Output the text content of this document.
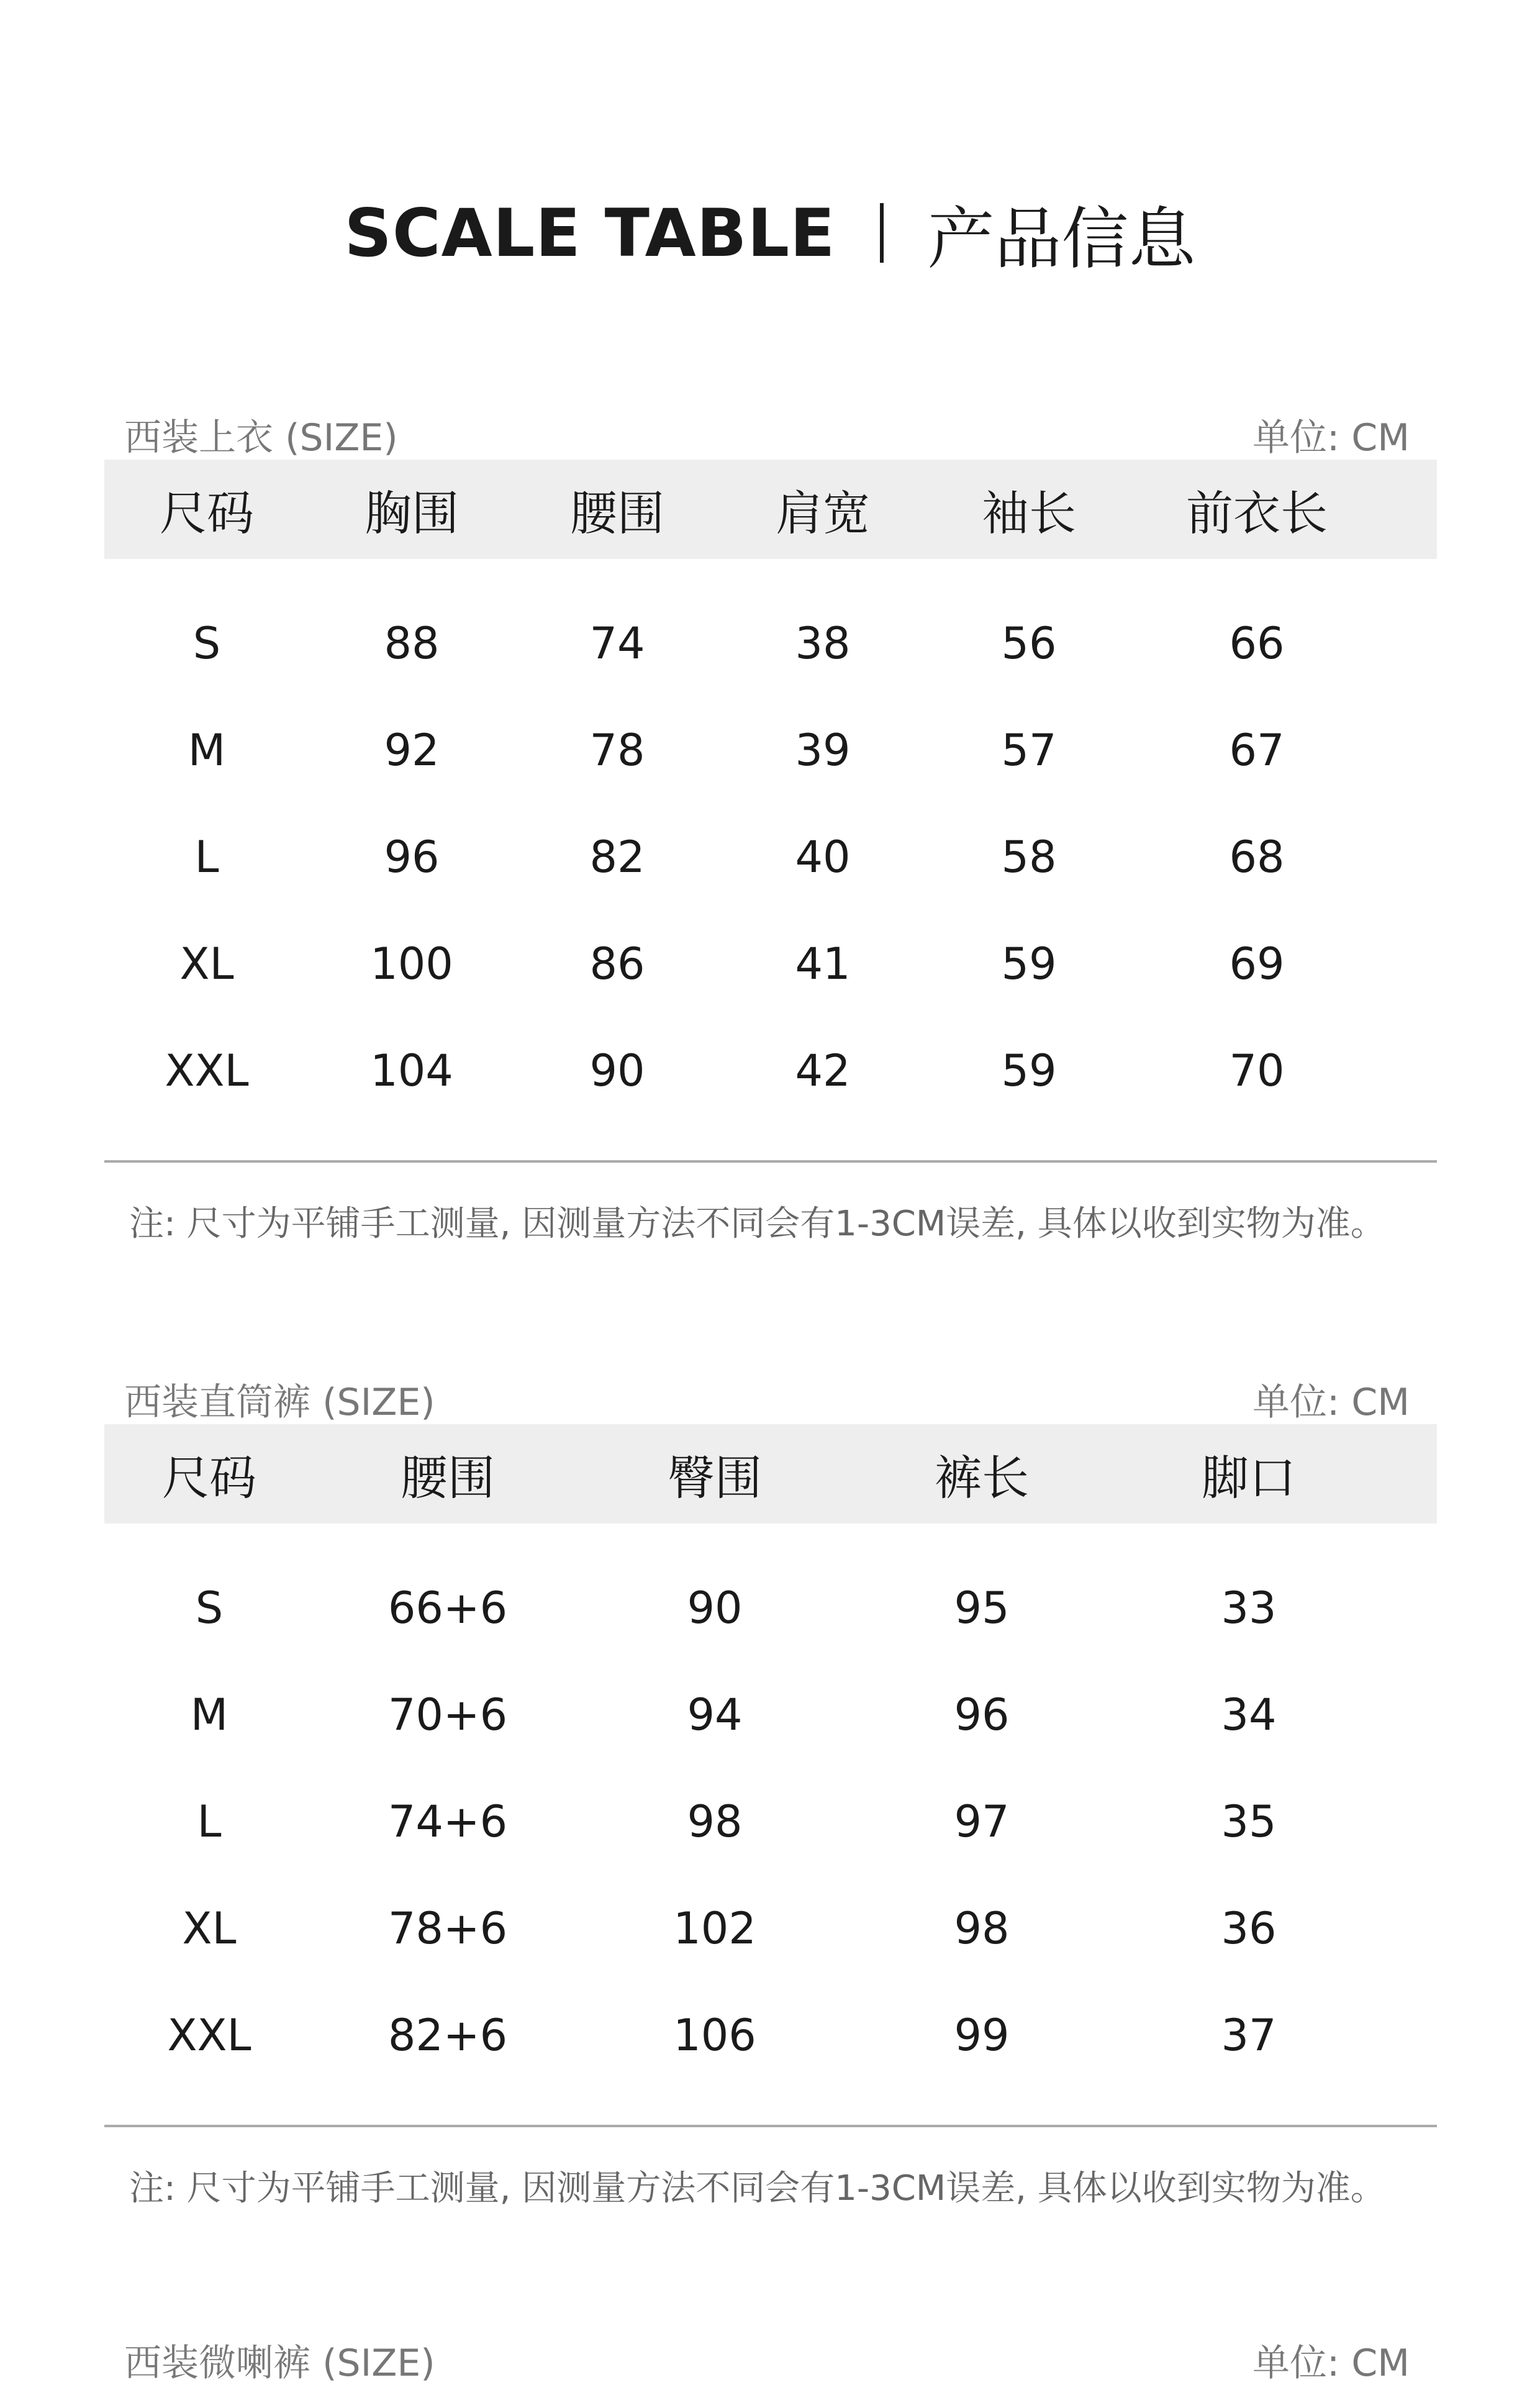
SCALE TABLE 产品信息
西装上衣 (SIZE)	单位: CM
尺码	胸围	腰围	肩宽	袖长	前衣长
S	88	74	38	56	66
M	92	78	39	57	67
L	96	82	40	58	68
XL	100	86	41	59	69
XXL	104	90	42	59	70
注: 尺寸为平铺手工测量, 因测量方法不同会有1-3CM误差, 具体以收到实物为准。
西装直筒裤 (SIZE)	单位: CM
尺码	腰围	臀围	裤长	脚口
S	66+6	90	95	33
M	70+6	94	96	34
L	74+6	98	97	35
XL	78+6	102	98	36
XXL	82+6	106	99	37
注: 尺寸为平铺手工测量, 因测量方法不同会有1-3CM误差, 具体以收到实物为准。
西装微喇裤 (SIZE)	单位: CM
